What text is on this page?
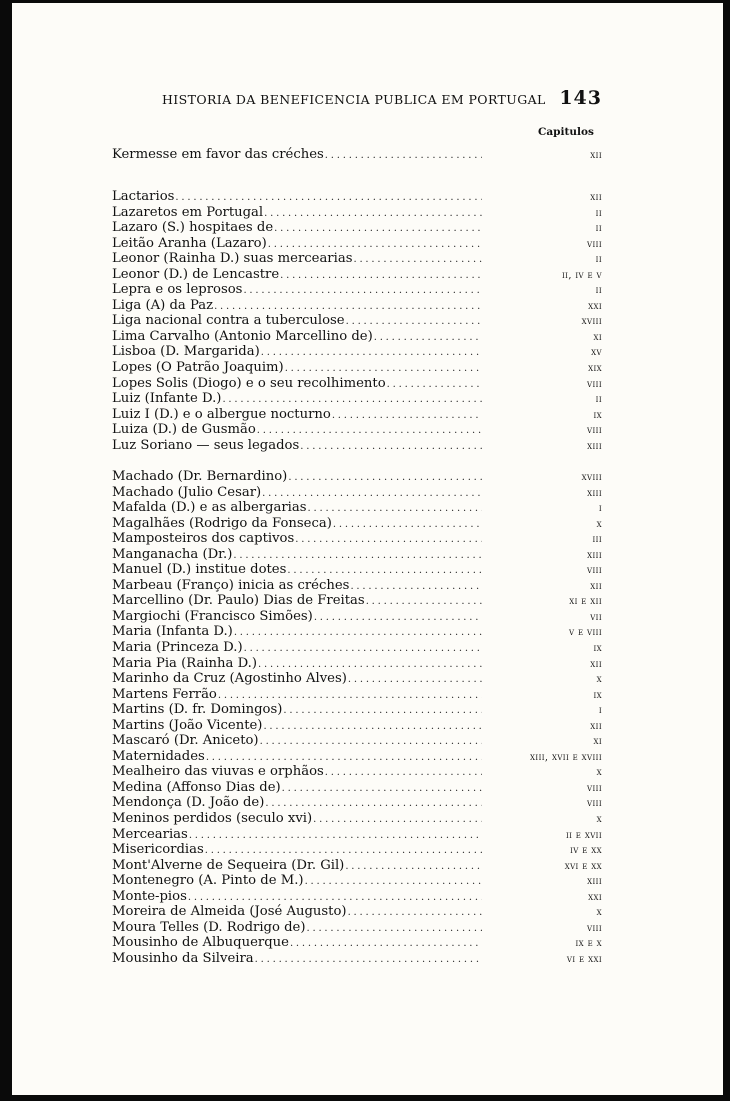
HISTORIA DA BENEFICENCIA PUBLICA EM PORTUGAL 143
Capitulos
Kermesse em favor das créches .....	xii
Lactarios .....	xii
Lazaretos em Portugal .....	ii
Lazaro (S.) hospitaes de .....	ii
Leitão Aranha (Lazaro) .....	viii
Leonor (Rainha D.) suas mercearias .....	ii
Leonor (D.) de Lencastre .....	ii, iv e v
Lepra e os leprosos .....	ii
Liga (A) da Paz .....	xxi
Liga nacional contra a tuberculose .....	xviii
Lima Carvalho (Antonio Marcellino de) .....	xi
Lisboa (D. Margarida) .....	xv
Lopes (O Patrão Joaquim) .....	xix
Lopes Solis (Diogo) e o seu recolhimento .....	viii
Luiz (Infante D.) .....	ii
Luiz I (D.) e o albergue nocturno .....	ix
Luiza (D.) de Gusmão .....	viii
Luz Soriano — seus legados .....	xiii
Machado (Dr. Bernardino) .....	xviii
Machado (Julio Cesar) .....	xiii
Mafalda (D.) e as albergarias .....	i
Magalhães (Rodrigo da Fonseca) .....	x
Mamposteiros dos captivos .....	iii
Manganacha (Dr.) .....	xiii
Manuel (D.) institue dotes .....	viii
Marbeau (Franço) inicia as créches .....	xii
Marcellino (Dr. Paulo) Dias de Freitas .....	xi e xii
Margiochi (Francisco Simões) .....	vii
Maria (Infanta D.) .....	v e viii
Maria (Princeza D.) .....	ix
Maria Pia (Rainha D.) .....	xii
Marinho da Cruz (Agostinho Alves) .....	x
Martens Ferrão .....	ix
Martins (D. fr. Domingos) .....	i
Martins (João Vicente) .....	xii
Mascaró (Dr. Aniceto) .....	xi
Maternidades .....	xiii, xvii e xviii
Mealheiro das viuvas e orphãos .....	x
Medina (Affonso Dias de) .....	viii
Mendonça (D. João de) .....	viii
Meninos perdidos (seculo xvi) .....	x
Mercearias .....	ii e xvii
Misericordias .....	iv e xx
Mont'Alverne de Sequeira (Dr. Gil) .....	xvi e xx
Montenegro (A. Pinto de M.) .....	xiii
Monte-pios .....	xxi
Moreira de Almeida (José Augusto) .....	x
Moura Telles (D. Rodrigo de) .....	viii
Mousinho de Albuquerque .....	ix e x
Mousinho da Silveira .....	vi e xxi
